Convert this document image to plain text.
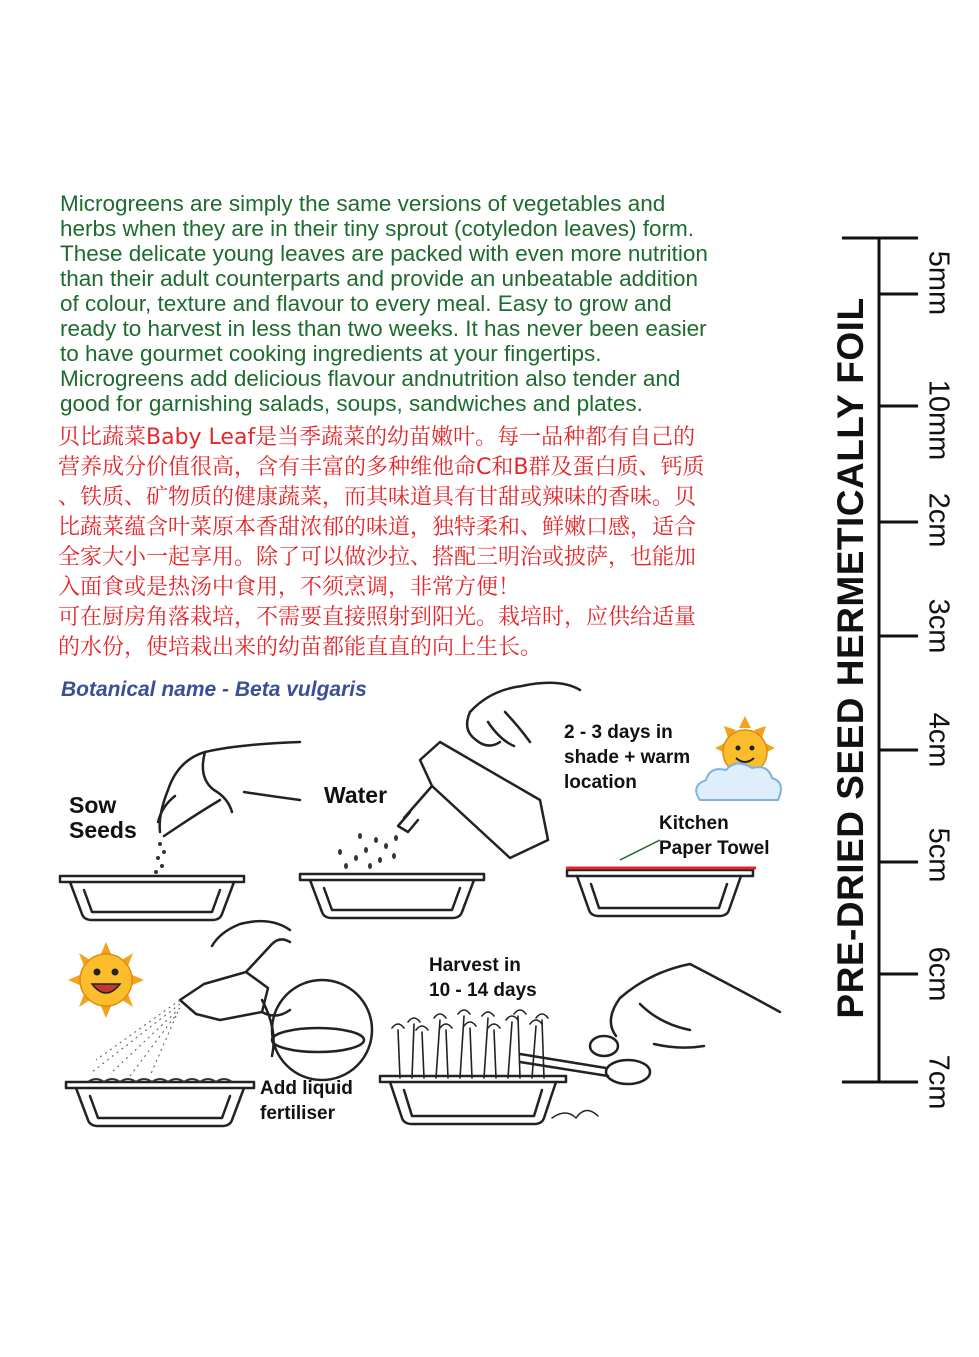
Microgreens are simply the same versions of vegetables and
herbs when they are in their tiny sprout (cotyledon leaves) form.
These delicate young leaves are packed with even more nutrition
than their adult counterparts and provide an unbeatable addition
of colour, texture and flavour to every meal. Easy to grow and
ready to harvest in less than two weeks. It has never been easier
to have gourmet cooking ingredients at your fingertips.
Microgreens add delicious flavour andnutrition also tender and
good for garnishing salads, soups, sandwiches and plates.

贝比蔬菜Baby Leaf是当季蔬菜的幼苗嫩叶。每一品种都有自己的
营养成分价值很高，含有丰富的多种维他命C和B群及蛋白质、钙质
、铁质、矿物质的健康蔬菜，而其味道具有甘甜或辣味的香味。贝
比蔬菜蕴含叶菜原本香甜浓郁的味道，独特柔和、鲜嫩口感，适合
全家大小一起享用。除了可以做沙拉、搭配三明治或披萨，也能加
入面食或是热汤中食用，不须烹调，非常方便！
可在厨房角落栽培，不需要直接照射到阳光。栽培时，应供给适量
的水份，使培栽出来的幼苗都能直直的向上生长。

Botanical name - Beta vulgaris
Sow
Seeds
Water
2 - 3 days in
shade + warm
location
Kitchen
Paper Towel
Add liquid
fertiliser
Harvest in
10 - 14 days	PRE-DRIED SEED HERMETICALLY FOIL
5mm
10mm
2cm
3cm
4cm
5cm
6cm
7cm
